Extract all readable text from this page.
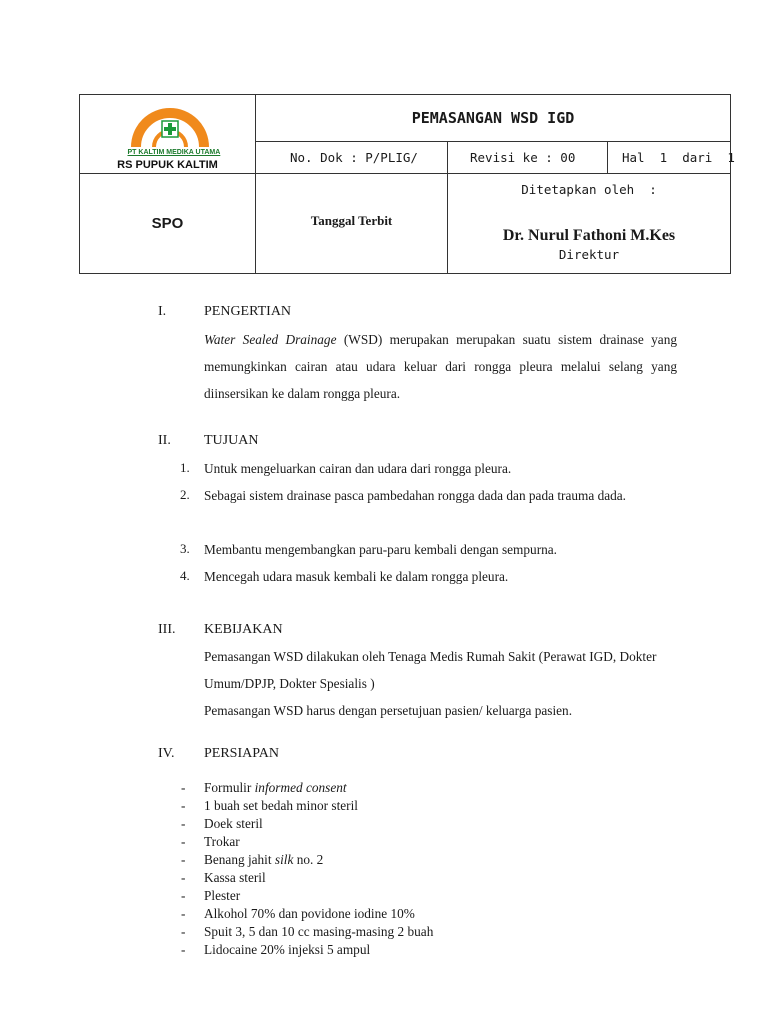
PT KALTIM MEDIKA UTAMA
RS PUPUK KALTIM	PEMASANGAN WSD IGD		
	No. Dok : P/PLIG/	Revisi ke : 00	Hal  1  dari  1
SPO	Tanggal Terbit	Ditetapkan oleh  :
Dr. Nurul Fathoni M.Kes
Direktur	
I.	PENGERTIAN
Water Sealed Drainage (WSD) merupakan merupakan suatu sistem drainase yang memungkinkan cairan atau udara keluar dari rongga pleura melalui selang yang diinsersikan ke dalam rongga pleura.
II. TUJUAN
1. Untuk mengeluarkan cairan dan udara dari rongga pleura.
2. Sebagai sistem drainase pasca pambedahan rongga dada dan pada trauma dada.
3. Membantu mengembangkan paru-paru kembali dengan sempurna.
4. Mencegah udara masuk kembali ke dalam rongga pleura.
III. KEBIJAKAN
Pemasangan WSD dilakukan oleh Tenaga Medis Rumah Sakit (Perawat IGD, Dokter Umum/DPJP, Dokter Spesialis )
Pemasangan WSD harus dengan persetujuan pasien/ keluarga pasien.
IV. PERSIAPAN
- Formulir informed consent
- 1 buah set bedah minor steril
- Doek steril
- Trokar
- Benang jahit silk no. 2
- Kassa steril
- Plester
- Alkohol 70% dan povidone iodine 10%
- Spuit 3, 5 dan 10 cc masing-masing 2 buah
- Lidocaine 20% injeksi 5 ampul
